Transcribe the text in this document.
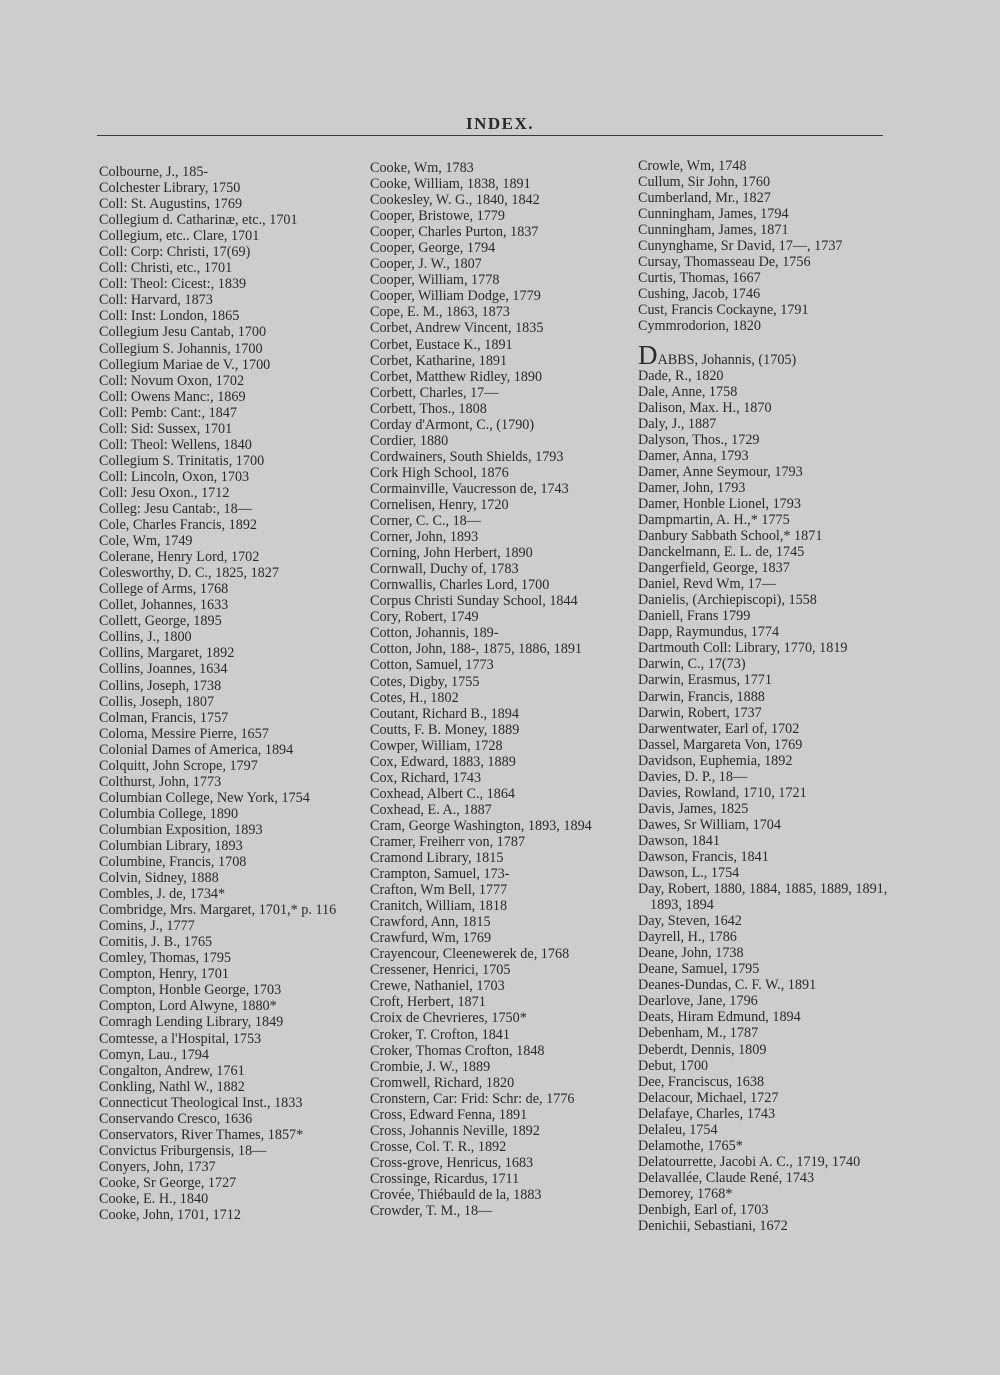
INDEX.
Colbourne, J., 185-
Colchester Library, 1750
Coll: St. Augustins, 1769
Collegium d. Catharinæ, etc., 1701
Collegium, etc.. Clare, 1701
Coll: Corp: Christi, 17(69)
Coll: Christi, etc., 1701
Coll: Theol: Cicest:, 1839
Coll: Harvard, 1873
Coll: Inst: London, 1865
Collegium Jesu Cantab, 1700
Collegium S. Johannis, 1700
Collegium Mariae de V., 1700
Coll: Novum Oxon, 1702
Coll: Owens Manc:, 1869
Coll: Pemb: Cant:, 1847
Coll: Sid: Sussex, 1701
Coll: Theol: Wellens, 1840
Collegium S. Trinitatis, 1700
Coll: Lincoln, Oxon, 1703
Coll: Jesu Oxon., 1712
Colleg: Jesu Cantab:, 18—
Cole, Charles Francis, 1892
Cole, Wm, 1749
Colerane, Henry Lord, 1702
Colesworthy, D. C., 1825, 1827
College of Arms, 1768
Collet, Johannes, 1633
Collett, George, 1895
Collins, J., 1800
Collins, Margaret, 1892
Collins, Joannes, 1634
Collins, Joseph, 1738
Collis, Joseph, 1807
Colman, Francis, 1757
Coloma, Messire Pierre, 1657
Colonial Dames of America, 1894
Colquitt, John Scrope, 1797
Colthurst, John, 1773
Columbian College, New York, 1754
Columbia College, 1890
Columbian Exposition, 1893
Columbian Library, 1893
Columbine, Francis, 1708
Colvin, Sidney, 1888
Combles, J. de, 1734*
Combridge, Mrs. Margaret, 1701,* p. 116
Comins, J., 1777
Comitis, J. B., 1765
Comley, Thomas, 1795
Compton, Henry, 1701
Compton, Honble George, 1703
Compton, Lord Alwyne, 1880*
Comragh Lending Library, 1849
Comtesse, a l'Hospital, 1753
Comyn, Lau., 1794
Congalton, Andrew, 1761
Conkling, Nathl W., 1882
Connecticut Theological Inst., 1833
Conservando Cresco, 1636
Conservators, River Thames, 1857*
Convictus Friburgensis, 18—
Conyers, John, 1737
Cooke, Sr George, 1727
Cooke, E. H., 1840
Cooke, John, 1701, 1712
Cooke, Wm, 1783
Cooke, William, 1838, 1891
Cookesley, W. G., 1840, 1842
Cooper, Bristowe, 1779
Cooper, Charles Purton, 1837
Cooper, George, 1794
Cooper, J. W., 1807
Cooper, William, 1778
Cooper, William Dodge, 1779
Cope, E. M., 1863, 1873
Corbet, Andrew Vincent, 1835
Corbet, Eustace K., 1891
Corbet, Katharine, 1891
Corbet, Matthew Ridley, 1890
Corbett, Charles, 17—
Corbett, Thos., 1808
Corday d'Armont, C., (1790)
Cordier, 1880
Cordwainers, South Shields, 1793
Cork High School, 1876
Cormainville, Vaucresson de, 1743
Cornelisen, Henry, 1720
Corner, C. C., 18—
Corner, John, 1893
Corning, John Herbert, 1890
Cornwall, Duchy of, 1783
Cornwallis, Charles Lord, 1700
Corpus Christi Sunday School, 1844
Cory, Robert, 1749
Cotton, Johannis, 189-
Cotton, John, 188-, 1875, 1886, 1891
Cotton, Samuel, 1773
Cotes, Digby, 1755
Cotes, H., 1802
Coutant, Richard B., 1894
Coutts, F. B. Money, 1889
Cowper, William, 1728
Cox, Edward, 1883, 1889
Cox, Richard, 1743
Coxhead, Albert C., 1864
Coxhead, E. A., 1887
Cram, George Washington, 1893, 1894
Cramer, Freiherr von, 1787
Cramond Library, 1815
Crampton, Samuel, 173-
Crafton, Wm Bell, 1777
Cranitch, William, 1818
Crawford, Ann, 1815
Crawfurd, Wm, 1769
Crayencour, Cleenewerek de, 1768
Cressener, Henrici, 1705
Crewe, Nathaniel, 1703
Croft, Herbert, 1871
Croix de Chevrieres, 1750*
Croker, T. Crofton, 1841
Croker, Thomas Crofton, 1848
Crombie, J. W., 1889
Cromwell, Richard, 1820
Cronstern, Car: Frid: Schr: de, 1776
Cross, Edward Fenna, 1891
Cross, Johannis Neville, 1892
Crosse, Col. T. R., 1892
Cross-grove, Henricus, 1683
Crossinge, Ricardus, 1711
Crovée, Thiébauld de la, 1883
Crowder, T. M., 18—
Crowle, Wm, 1748
Cullum, Sir John, 1760
Cumberland, Mr., 1827
Cunningham, James, 1794
Cunningham, James, 1871
Cunynghame, Sr David, 17—, 1737
Cursay, Thomasseau De, 1756
Curtis, Thomas, 1667
Cushing, Jacob, 1746
Cust, Francis Cockayne, 1791
Cymmrodorion, 1820
DABBS, Johannis, (1705)
Dade, R., 1820
Dale, Anne, 1758
Dalison, Max. H., 1870
Daly, J., 1887
Dalyson, Thos., 1729
Damer, Anna, 1793
Damer, Anne Seymour, 1793
Damer, John, 1793
Damer, Honble Lionel, 1793
Dampmartin, A. H.,* 1775
Danbury Sabbath School,* 1871
Danckelmann, E. L. de, 1745
Dangerfield, George, 1837
Daniel, Revd Wm, 17—
Danielis, (Archiepiscopi), 1558
Daniell, Frans 1799
Dapp, Raymundus, 1774
Dartmouth Coll: Library, 1770, 1819
Darwin, C., 17(73)
Darwin, Erasmus, 1771
Darwin, Francis, 1888
Darwin, Robert, 1737
Darwentwater, Earl of, 1702
Dassel, Margareta Von, 1769
Davidson, Euphemia, 1892
Davies, D. P., 18—
Davies, Rowland, 1710, 1721
Davis, James, 1825
Dawes, Sr William, 1704
Dawson, 1841
Dawson, Francis, 1841
Dawson, L., 1754
Day, Robert, 1880, 1884, 1885, 1889, 1891, 1893, 1894
Day, Steven, 1642
Dayrell, H., 1786
Deane, John, 1738
Deane, Samuel, 1795
Deanes-Dundas, C. F. W., 1891
Dearlove, Jane, 1796
Deats, Hiram Edmund, 1894
Debenham, M., 1787
Deberdt, Dennis, 1809
Debut, 1700
Dee, Franciscus, 1638
Delacour, Michael, 1727
Delafaye, Charles, 1743
Delaleu, 1754
Delamothe, 1765*
Delatourrette, Jacobi A. C., 1719, 1740
Delavallée, Claude René, 1743
Demorey, 1768*
Denbigh, Earl of, 1703
Denichii, Sebastiani, 1672
